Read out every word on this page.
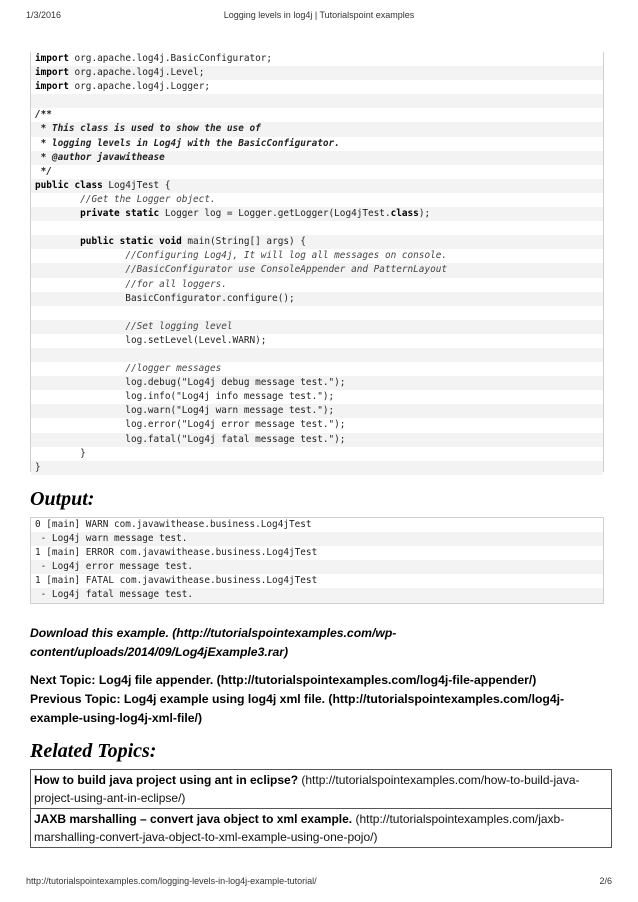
1/3/2016	Logging levels in log4j | Tutorialspoint examples
import org.apache.log4j.BasicConfigurator;
import org.apache.log4j.Level;
import org.apache.log4j.Logger;

/**
* This class is used to show the use of
* logging levels in Log4j with the BasicConfigurator.
* @author javawithease
*/
public class Log4jTest {
//Get the Logger object.
private static Logger log = Logger.getLogger(Log4jTest.class);

public static void main(String[] args) {
//Configuring Log4j, It will log all messages on console.
//BasicConfigurator use ConsoleAppender and PatternLayout
//for all loggers.
BasicConfigurator.configure();

//Set logging level
log.setLevel(Level.WARN);

//logger messages
log.debug("Log4j debug message test.");
log.info("Log4j info message test.");
log.warn("Log4j warn message test.");
log.error("Log4j error message test.");
log.fatal("Log4j fatal message test.");
}
}
Output:
0 [main] WARN com.javawithease.business.Log4jTest
- Log4j warn message test.
1 [main] ERROR com.javawithease.business.Log4jTest
- Log4j error message test.
1 [main] FATAL com.javawithease.business.Log4jTest
- Log4j fatal message test.
Download this example. (http://tutorialspointexamples.com/wp-
content/uploads/2014/09/Log4jExample3.rar)
Next Topic: Log4j file appender. (http://tutorialspointexamples.com/log4j-file-appender/)
Previous Topic: Log4j example using log4j xml file. (http://tutorialspointexamples.com/log4j-
example-using-log4j-xml-file/)
Related Topics:
How to build java project using ant in eclipse? (http://tutorialspointexamples.com/how-to-build-java-
project-using-ant-in-eclipse/)
JAXB marshalling – convert java object to xml example. (http://tutorialspointexamples.com/jaxb-
marshalling-convert-java-object-to-xml-example-using-one-pojo/)
http://tutorialspointexamples.com/logging-levels-in-log4j-example-tutorial/	2/6
